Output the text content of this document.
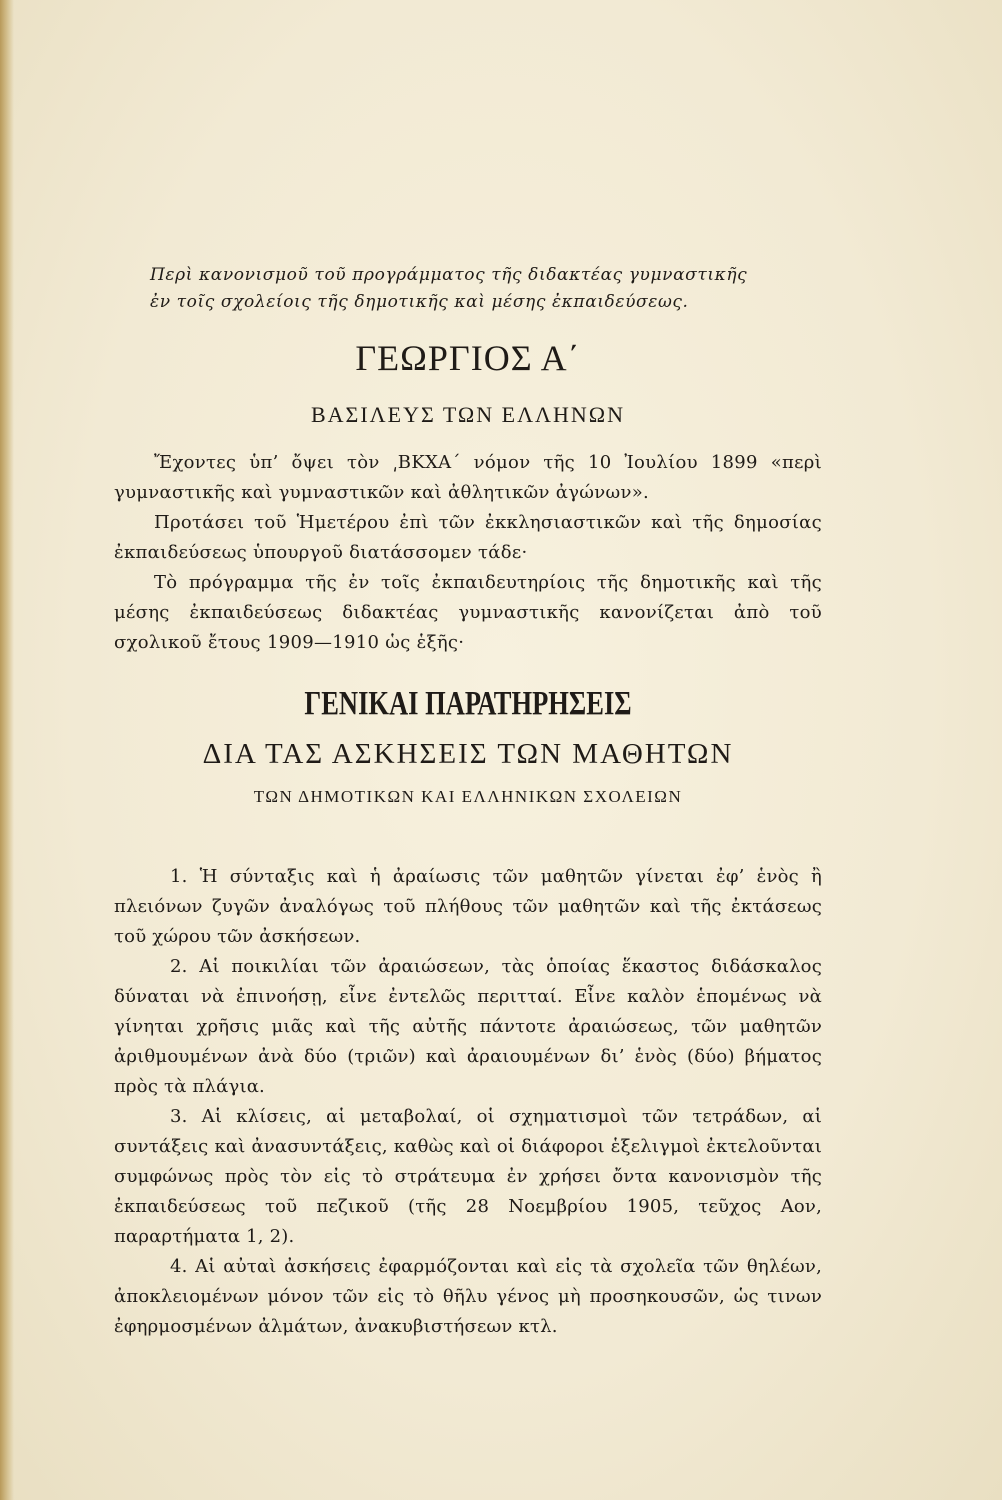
Περὶ κανονισμοῦ τοῦ προγράμματος τῆς διδακτέας γυμναστικῆς

ἐν τοῖς σχολείοις τῆς δημοτικῆς καὶ μέσης ἐκπαιδεύσεως.

ΓΕΩΡΓΙΟΣ Α΄
ΒΑΣΙΛΕΥΣ ΤΩΝ ΕΛΛΗΝΩΝ

Ἔχοντες ὑπ’ ὄψει τὸν ͵ΒΚΧΑ΄ νόμον τῆς 10 Ἰουλίου 1899 «περὶ γυμναστικῆς καὶ γυμναστικῶν καὶ ἀθλητικῶν ἀγώνων».

Προτάσει τοῦ Ἡμετέρου ἐπὶ τῶν ἐκκλησιαστικῶν καὶ τῆς δημοσίας ἐκπαιδεύσεως ὑπουργοῦ διατάσσομεν τάδε·

Τὸ πρόγραμμα τῆς ἐν τοῖς ἐκπαιδευτηρίοις τῆς δημοτικῆς καὶ τῆς μέσης ἐκπαιδεύσεως διδακτέας γυμναστικῆς κανονίζεται ἀπὸ τοῦ σχολικοῦ ἔτους 1909—1910 ὡς ἑξῆς·

ΓΕΝΙΚΑΙ ΠΑΡΑΤΗΡΗΣΕΙΣ
ΔΙΑ ΤΑΣ ΑΣΚΗΣΕΙΣ ΤΩΝ ΜΑΘΗΤΩΝ
ΤΩΝ ΔΗΜΟΤΙΚΩΝ ΚΑΙ ΕΛΛΗΝΙΚΩΝ ΣΧΟΛΕΙΩΝ

1. Ἡ σύνταξις καὶ ἡ ἀραίωσις τῶν μαθητῶν γίνεται ἐφ’ ἑνὸς ἢ πλειόνων ζυγῶν ἀναλόγως τοῦ πλήθους τῶν μαθητῶν καὶ τῆς ἐκτάσεως τοῦ χώρου τῶν ἀσκήσεων.

2. Αἱ ποικιλίαι τῶν ἀραιώσεων, τὰς ὁποίας ἕκαστος διδάσκαλος δύναται νὰ ἐπινοήσῃ, εἶνε ἐντελῶς περιτταί. Εἶνε καλὸν ἑπομένως νὰ γίνηται χρῆσις μιᾶς καὶ τῆς αὐτῆς πάντοτε ἀραιώσεως, τῶν μαθητῶν ἀριθμουμένων ἀνὰ δύο (τριῶν) καὶ ἀραιουμένων δι’ ἑνὸς (δύο) βήματος πρὸς τὰ πλάγια.

3. Αἱ κλίσεις, αἱ μεταβολαί, οἱ σχηματισμοὶ τῶν τετράδων, αἱ συντάξεις καὶ ἀνασυντάξεις, καθὼς καὶ οἱ διάφοροι ἑξελιγμοὶ ἐκτελοῦνται συμφώνως πρὸς τὸν εἰς τὸ στράτευμα ἐν χρήσει ὄντα κανονισμὸν τῆς ἐκπαιδεύσεως τοῦ πεζικοῦ (τῆς 28 Νοεμβρίου 1905, τεῦχος Αον, παραρτήματα 1, 2).

4. Αἱ αὐταὶ ἀσκήσεις ἐφαρμόζονται καὶ εἰς τὰ σχολεῖα τῶν θηλέων, ἀποκλειομένων μόνον τῶν εἰς τὸ θῆλυ γένος μὴ προσηκουσῶν, ὡς τινων ἐφηρμοσμένων ἀλμάτων, ἀνακυβιστήσεων κτλ.
